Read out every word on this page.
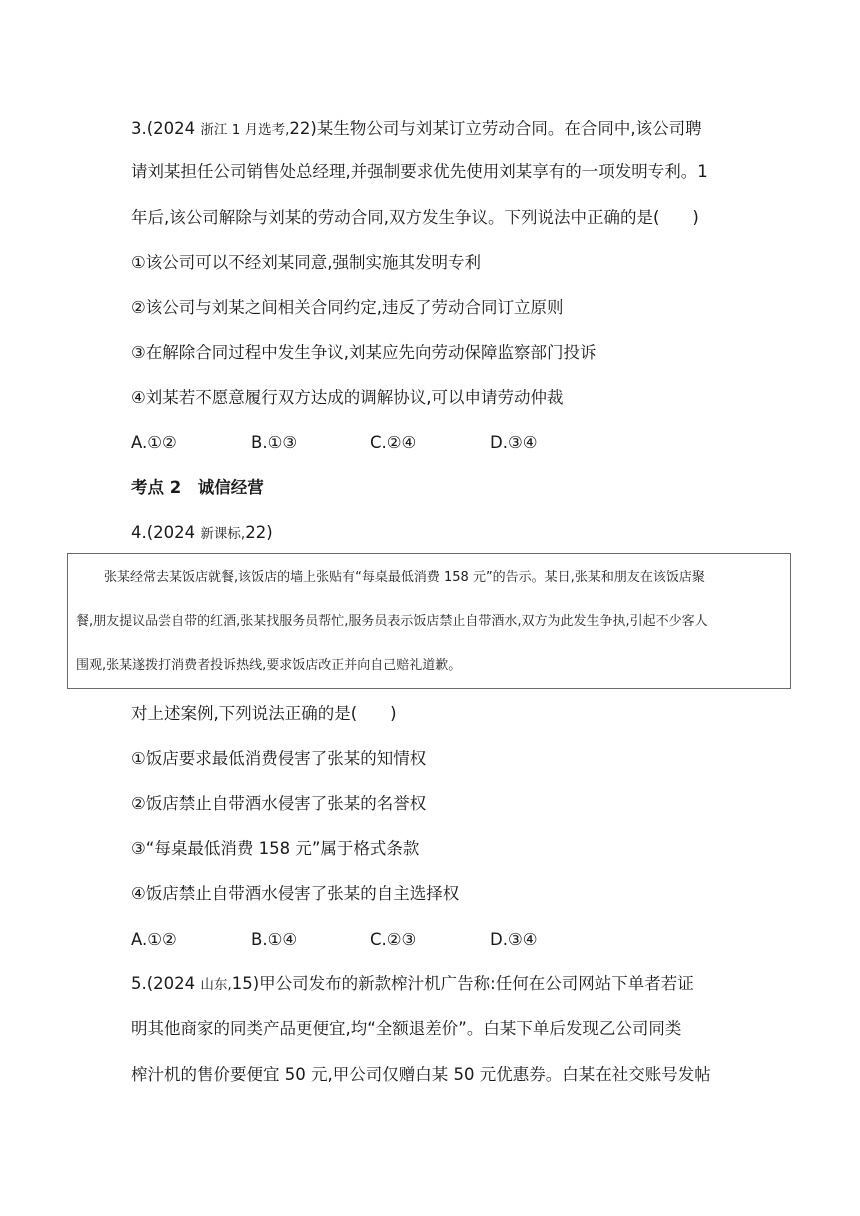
3.(2024 浙江 1 月选考,22)某生物公司与刘某订立劳动合同。在合同中,该公司聘
请刘某担任公司销售处总经理,并强制要求优先使用刘某享有的一项发明专利。1
年后,该公司解除与刘某的劳动合同,双方发生争议。下列说法中正确的是(　　)
①该公司可以不经刘某同意,强制实施其发明专利
②该公司与刘某之间相关合同约定,违反了劳动合同订立原则
③在解除合同过程中发生争议,刘某应先向劳动保障监察部门投诉
④刘某若不愿意履行双方达成的调解协议,可以申请劳动仲裁
A.①②	B.①③	C.②④	D.③④
考点 2　诚信经营
4.(2024 新课标,22)
张某经常去某饭店就餐,该饭店的墙上张贴有“每桌最低消费 158 元”的告示。某日,张某和朋友在该饭店聚
餐,朋友提议品尝自带的红酒,张某找服务员帮忙,服务员表示饭店禁止自带酒水,双方为此发生争执,引起不少客人
围观,张某遂拨打消费者投诉热线,要求饭店改正并向自己赔礼道歉。
对上述案例,下列说法正确的是(　　)
①饭店要求最低消费侵害了张某的知情权
②饭店禁止自带酒水侵害了张某的名誉权
③“每桌最低消费 158 元”属于格式条款
④饭店禁止自带酒水侵害了张某的自主选择权
A.①②	B.①④	C.②③	D.③④
5.(2024 山东,15)甲公司发布的新款榨汁机广告称:任何在公司网站下单者若证
明其他商家的同类产品更便宜,均“全额退差价”。白某下单后发现乙公司同类
榨汁机的售价要便宜 50 元,甲公司仅赠白某 50 元优惠券。白某在社交账号发帖
